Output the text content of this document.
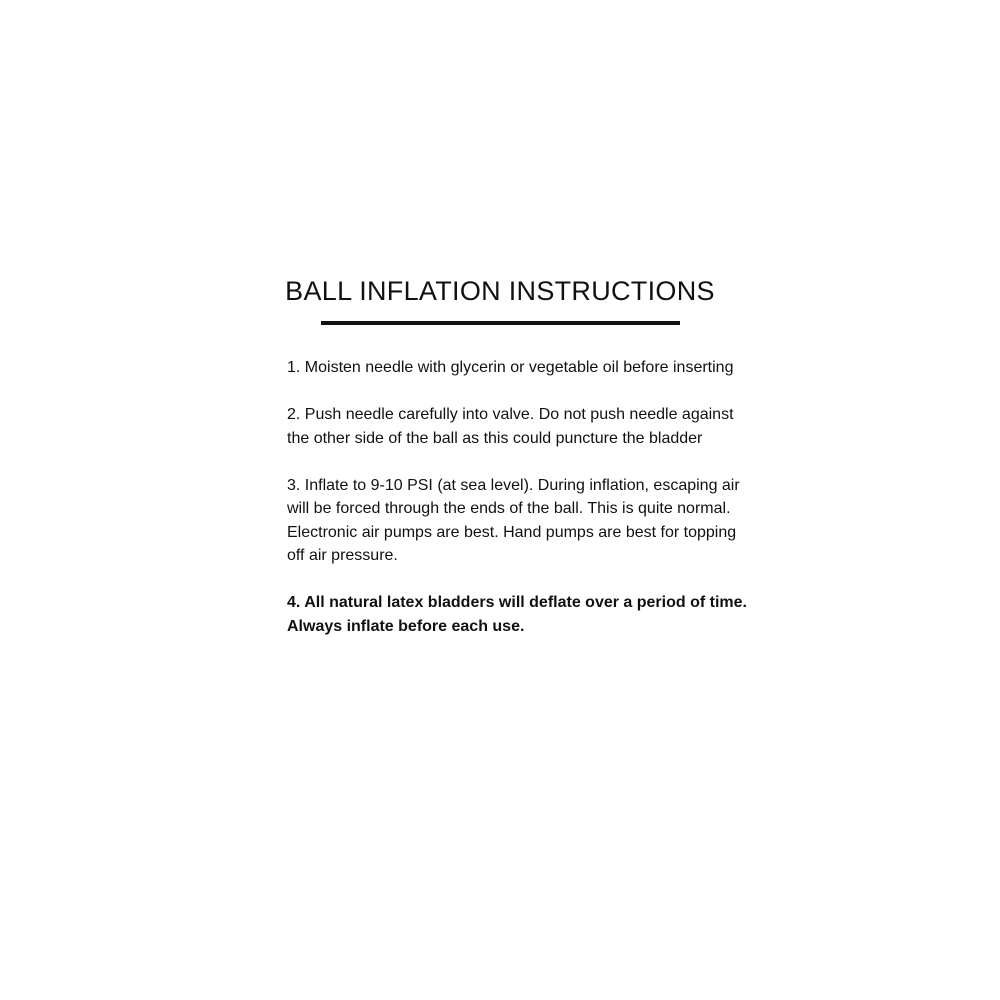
BALL INFLATION INSTRUCTIONS
1. Moisten needle with glycerin or vegetable oil before inserting
2. Push needle carefully into valve. Do not push needle against the other side of the ball as this could puncture the bladder
3. Inflate to 9-10 PSI (at sea level). During inflation, escaping air will be forced through the ends of the ball. This is quite normal. Electronic air pumps are best. Hand pumps are best for topping off air pressure.
4. All natural latex bladders will deflate over a period of time. Always inflate before each use.
